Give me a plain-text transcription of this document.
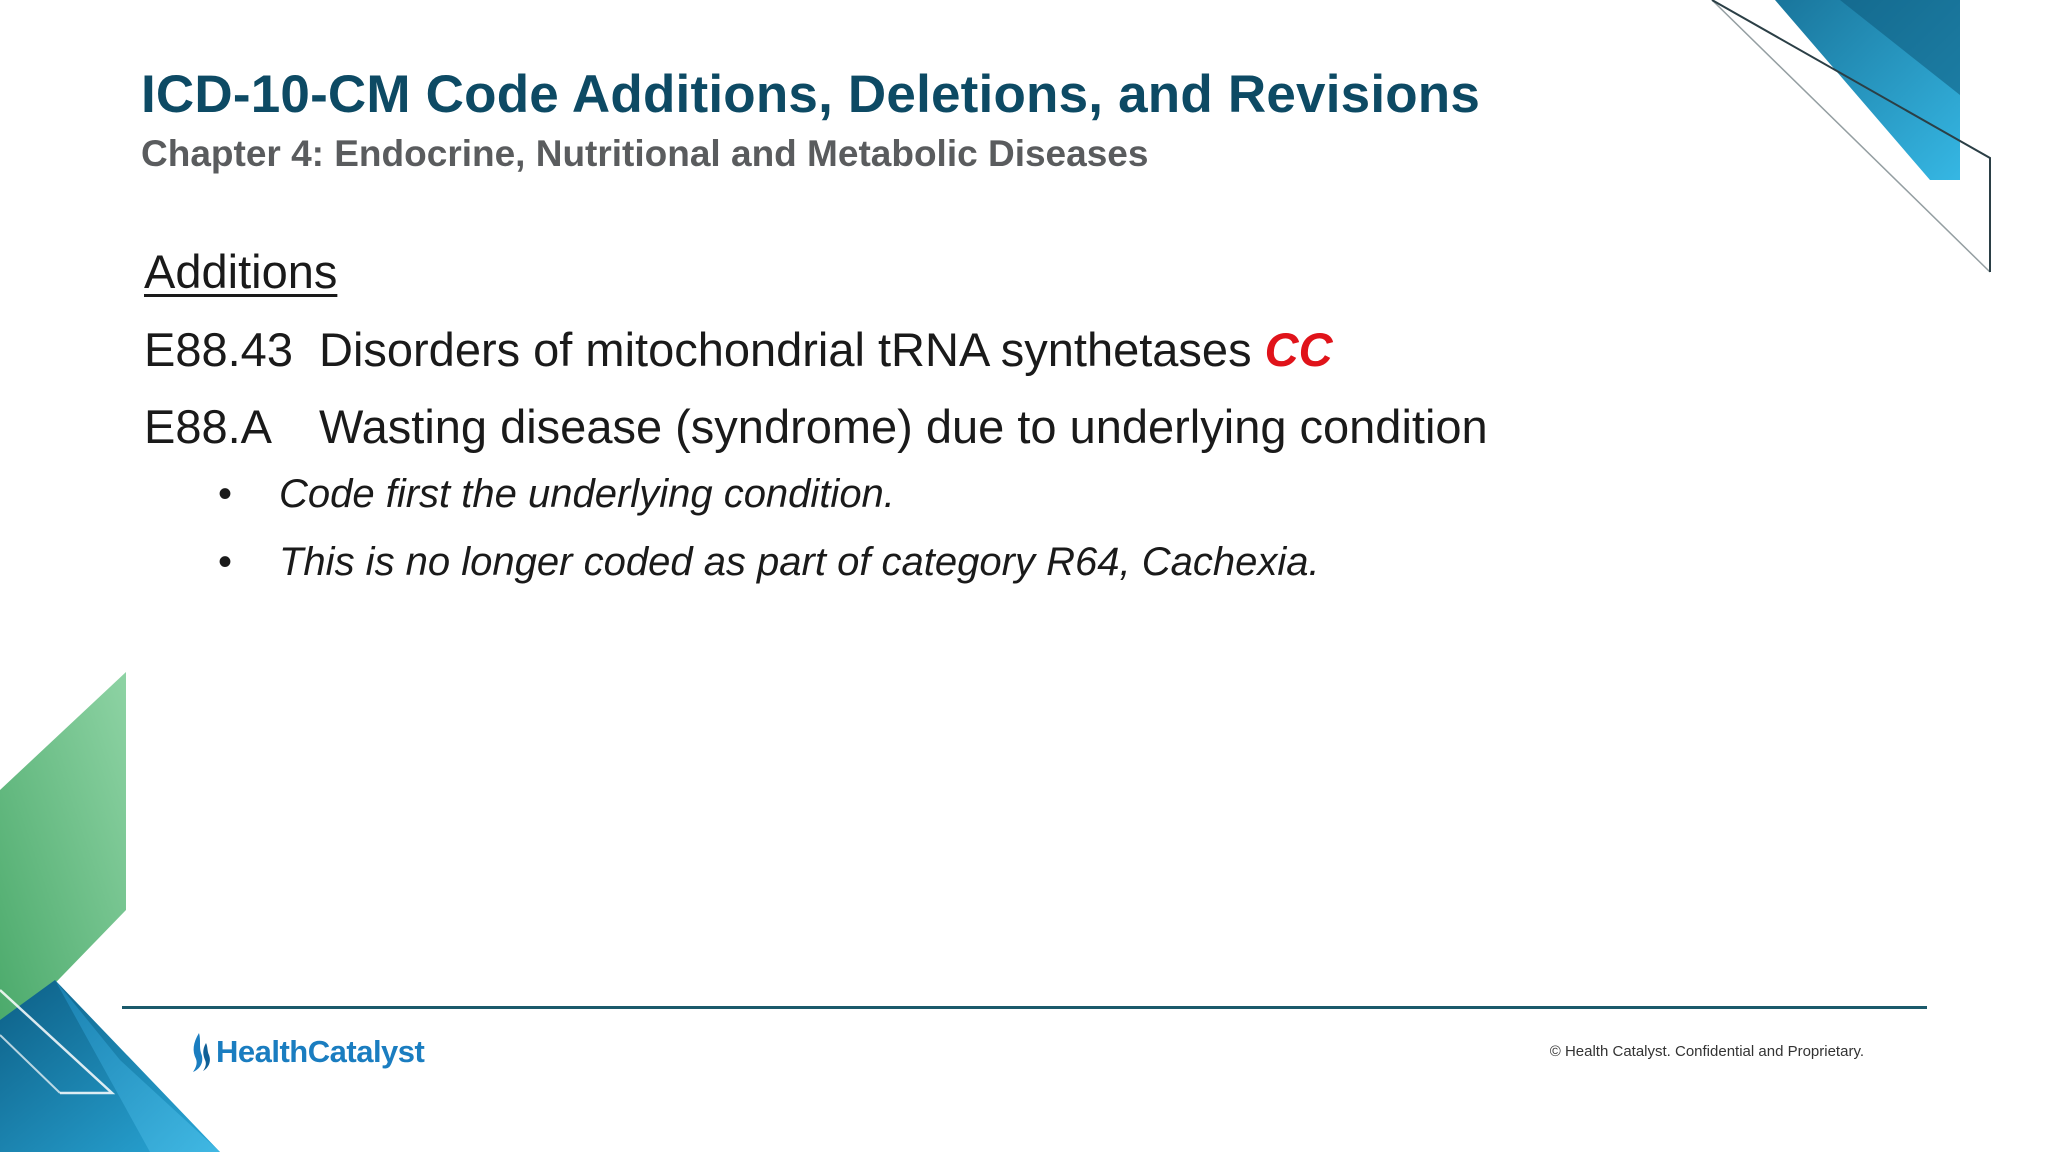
ICD-10-CM Code Additions, Deletions, and Revisions
Chapter 4: Endocrine, Nutritional and Metabolic Diseases
Additions
E88.43 Disorders of mitochondrial tRNA synthetases CC
E88.A Wasting disease (syndrome) due to underlying condition
• Code first the underlying condition.
• This is no longer coded as part of category R64, Cachexia.
HealthCatalyst	© Health Catalyst. Confidential and Proprietary.
